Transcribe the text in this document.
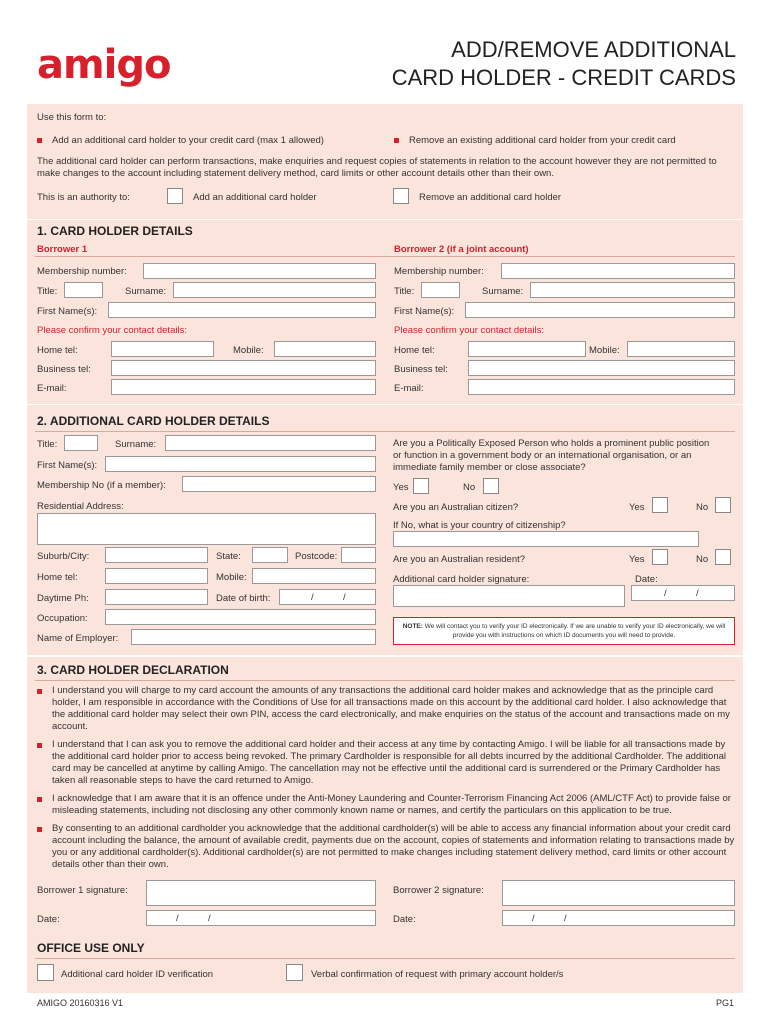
amigo	ADD/REMOVE ADDITIONAL
CARD HOLDER - CREDIT CARDS
Use this form to:
Add an additional card holder to your credit card (max 1 allowed)	Remove an existing additional card holder from your credit card
The additional card holder can perform transactions, make enquiries and request copies of statements in relation to the account however they are not permitted to make changes to the account including statement delivery method, card limits or other account details other than their own.
This is an authority to:	Add an additional card holder	Remove an additional card holder
1. CARD HOLDER DETAILS
Borrower 1	Borrower 2 (if a joint account)
Membership number:
Title:	Surname:
First Name(s):
Please confirm your contact details:
Home tel:	Mobile:
Business tel:
E-mail:
Membership number:
Title:	Surname:
First Name(s):
Please confirm your contact details:
Home tel:	Mobile:
Business tel:
E-mail:
2. ADDITIONAL CARD HOLDER DETAILS
Title:	Surname:
First Name(s):
Membership No (if a member):
Residential Address:
Suburb/City:	State:	Postcode:
Home tel:	Mobile:
Daytime Ph:	Date of birth:	/	/
Occupation:
Name of Employer:
Are you a Politically Exposed Person who holds a prominent public position or function in a government body or an international organisation, or an immediate family member or close associate?
Yes	No
Are you an Australian citizen?	Yes	No
If No, what is your country of citizenship?
Are you an Australian resident?	Yes	No
Additional card holder signature:	Date:
/	/
NOTE: We will contact you to verify your ID electronically. If we are unable to verify your ID electronically, we will provide you with instructions on which ID documents you will need to provide.
3. CARD HOLDER DECLARATION
I understand you will charge to my card account the amounts of any transactions the additional card holder makes and acknowledge that as the principle card holder, I am responsible in accordance with the Conditions of Use for all transactions made on this account by the additional card holder. I also acknowledge that the additional card holder may select their own PIN, access the card electronically, and make enquiries on the status of the account and transactions made on my account.
I understand that I can ask you to remove the additional card holder and their access at any time by contacting Amigo. I will be liable for all transactions made by the additional card holder prior to access being revoked. The primary Cardholder is responsible for all debts incurred by the additional Cardholder. The additional card may be cancelled at anytime by calling Amigo. The cancellation may not be effective until the additional card is surrendered or the Primary Cardholder has taken all reasonable steps to have the card returned to Amigo.
I acknowledge that I am aware that it is an offence under the Anti-Money Laundering and Counter-Terrorism Financing Act 2006 (AML/CTF Act) to provide false or misleading statements, including not disclosing any other commonly known name or names, and certify the particulars on this application to be true.
By consenting to an additional cardholder you acknowledge that the additional cardholder(s) will be able to access any financial information about your credit card account including the balance, the amount of available credit, payments due on the account, copies of statements and information relating to transactions made by you or any additional cardholder(s). Additional cardholder(s) are not permitted to make changes including statement delivery method, card limits or other account details other than their own.
Borrower 1 signature:	Borrower 2 signature:
Date:	/	/	Date:	/	/
OFFICE USE ONLY
Additional card holder ID verification	Verbal confirmation of request with primary account holder/s
AMIGO 20160316 V1	PG1
